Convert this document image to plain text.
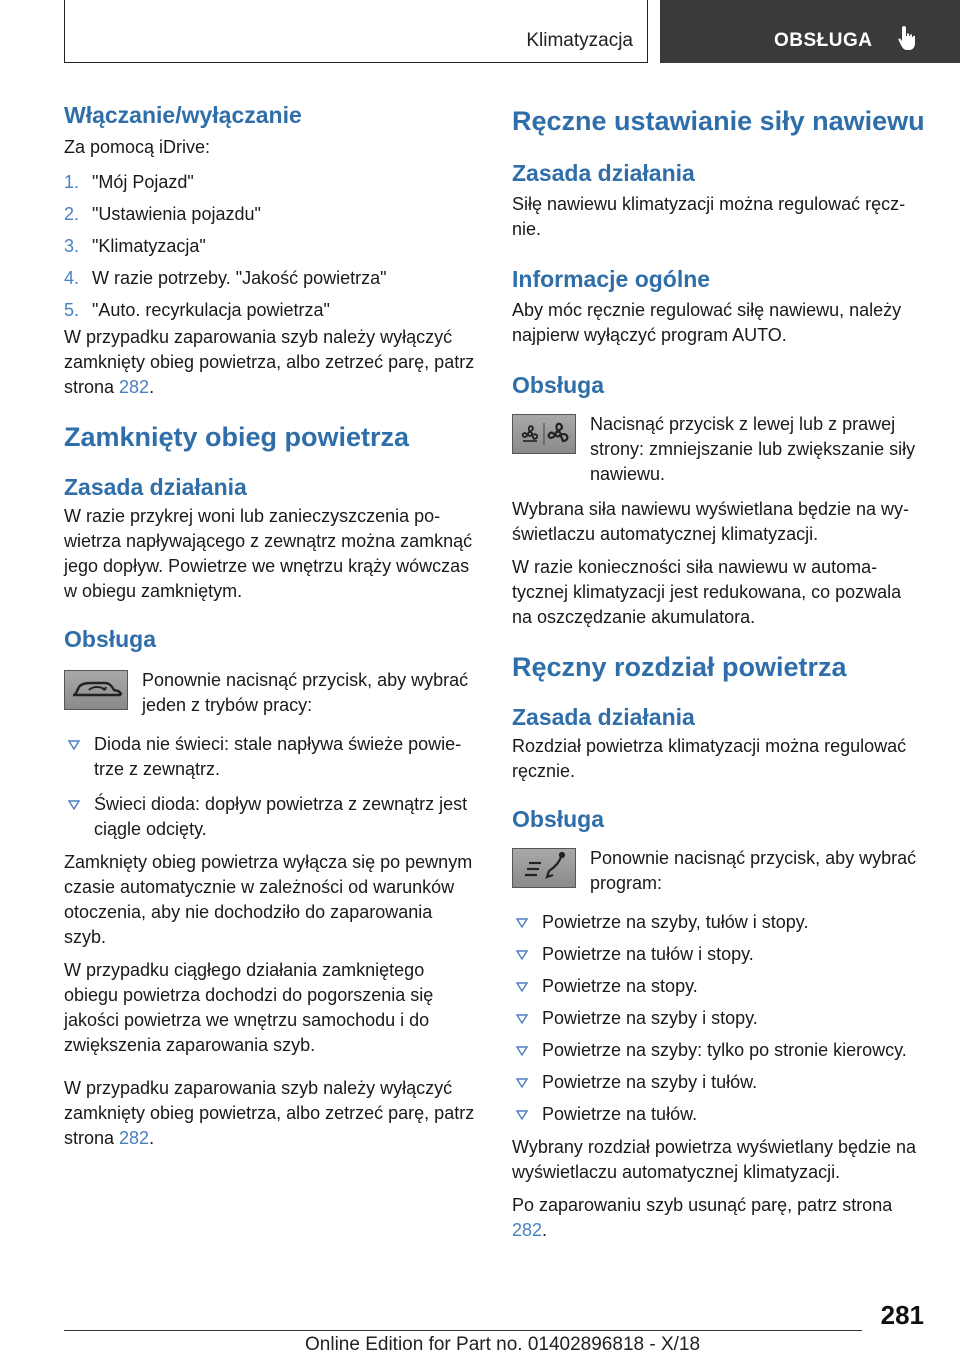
Klimatyzacja	OBSŁUGA
Włączanie/wyłączanie

Za pomocą iDrive:

1. "Mój Pojazd"
2. "Ustawienia pojazdu"
3. "Klimatyzacja"
4. W razie potrzeby. "Jakość powietrza"
5. "Auto. recyrkulacja powietrza"

W przypadku zaparowania szyb należy wyłączyć zamknięty obieg powietrza, albo zetrzeć parę, patrz strona 282.

Zamknięty obieg powietrza
Zasada działania

W razie przykrej woni lub zanieczyszczenia powietrza napływającego z zewnątrz można zamknąć jego dopływ. Powietrze we wnętrzu krąży wówczas w obiegu zamkniętym.

Obsługa

Ponownie nacisnąć przycisk, aby wybrać jeden z trybów pracy:

Dioda nie świeci: stale napływa świeże powietrze z zewnątrz.
Świeci dioda: dopływ powietrza z zewnątrz jest ciągle odcięty.

Zamknięty obieg powietrza wyłącza się po pewnym czasie automatycznie w zależności od warunków otoczenia, aby nie dochodziło do zaparowania szyb.

W przypadku ciągłego działania zamkniętego obiegu powietrza dochodzi do pogorszenia się jakości powietrza we wnętrzu samochodu i do zwiększenia zaparowania szyb.

W przypadku zaparowania szyb należy wyłączyć zamknięty obieg powietrza, albo zetrzeć parę, patrz strona 282.

Ręczne ustawianie siły nawiewu
Zasada działania

Siłę nawiewu klimatyzacji można regulować ręcznie.

Informacje ogólne

Aby móc ręcznie regulować siłę nawiewu, należy najpierw wyłączyć program AUTO.

Obsługa

Nacisnąć przycisk z lewej lub z prawej strony: zmniejszanie lub zwiększanie siły nawiewu.

Wybrana siła nawiewu wyświetlana będzie na wyświetlaczu automatycznej klimatyzacji.

W razie konieczności siła nawiewu w automatycznej klimatyzacji jest redukowana, co pozwala na oszczędzanie akumulatora.

Ręczny rozdział powietrza
Zasada działania

Rozdział powietrza klimatyzacji można regulować ręcznie.

Obsługa

Ponownie nacisnąć przycisk, aby wybrać program:

Powietrze na szyby, tułów i stopy.
Powietrze na tułów i stopy.
Powietrze na stopy.
Powietrze na szyby i stopy.
Powietrze na szyby: tylko po stronie kierowcy.
Powietrze na szyby i tułów.
Powietrze na tułów.

Wybrany rozdział powietrza wyświetlany będzie na wyświetlaczu automatycznej klimatyzacji.

Po zaparowaniu szyb usunąć parę, patrz strona 282.

281
Online Edition for Part no. 01402896818 - X/18
